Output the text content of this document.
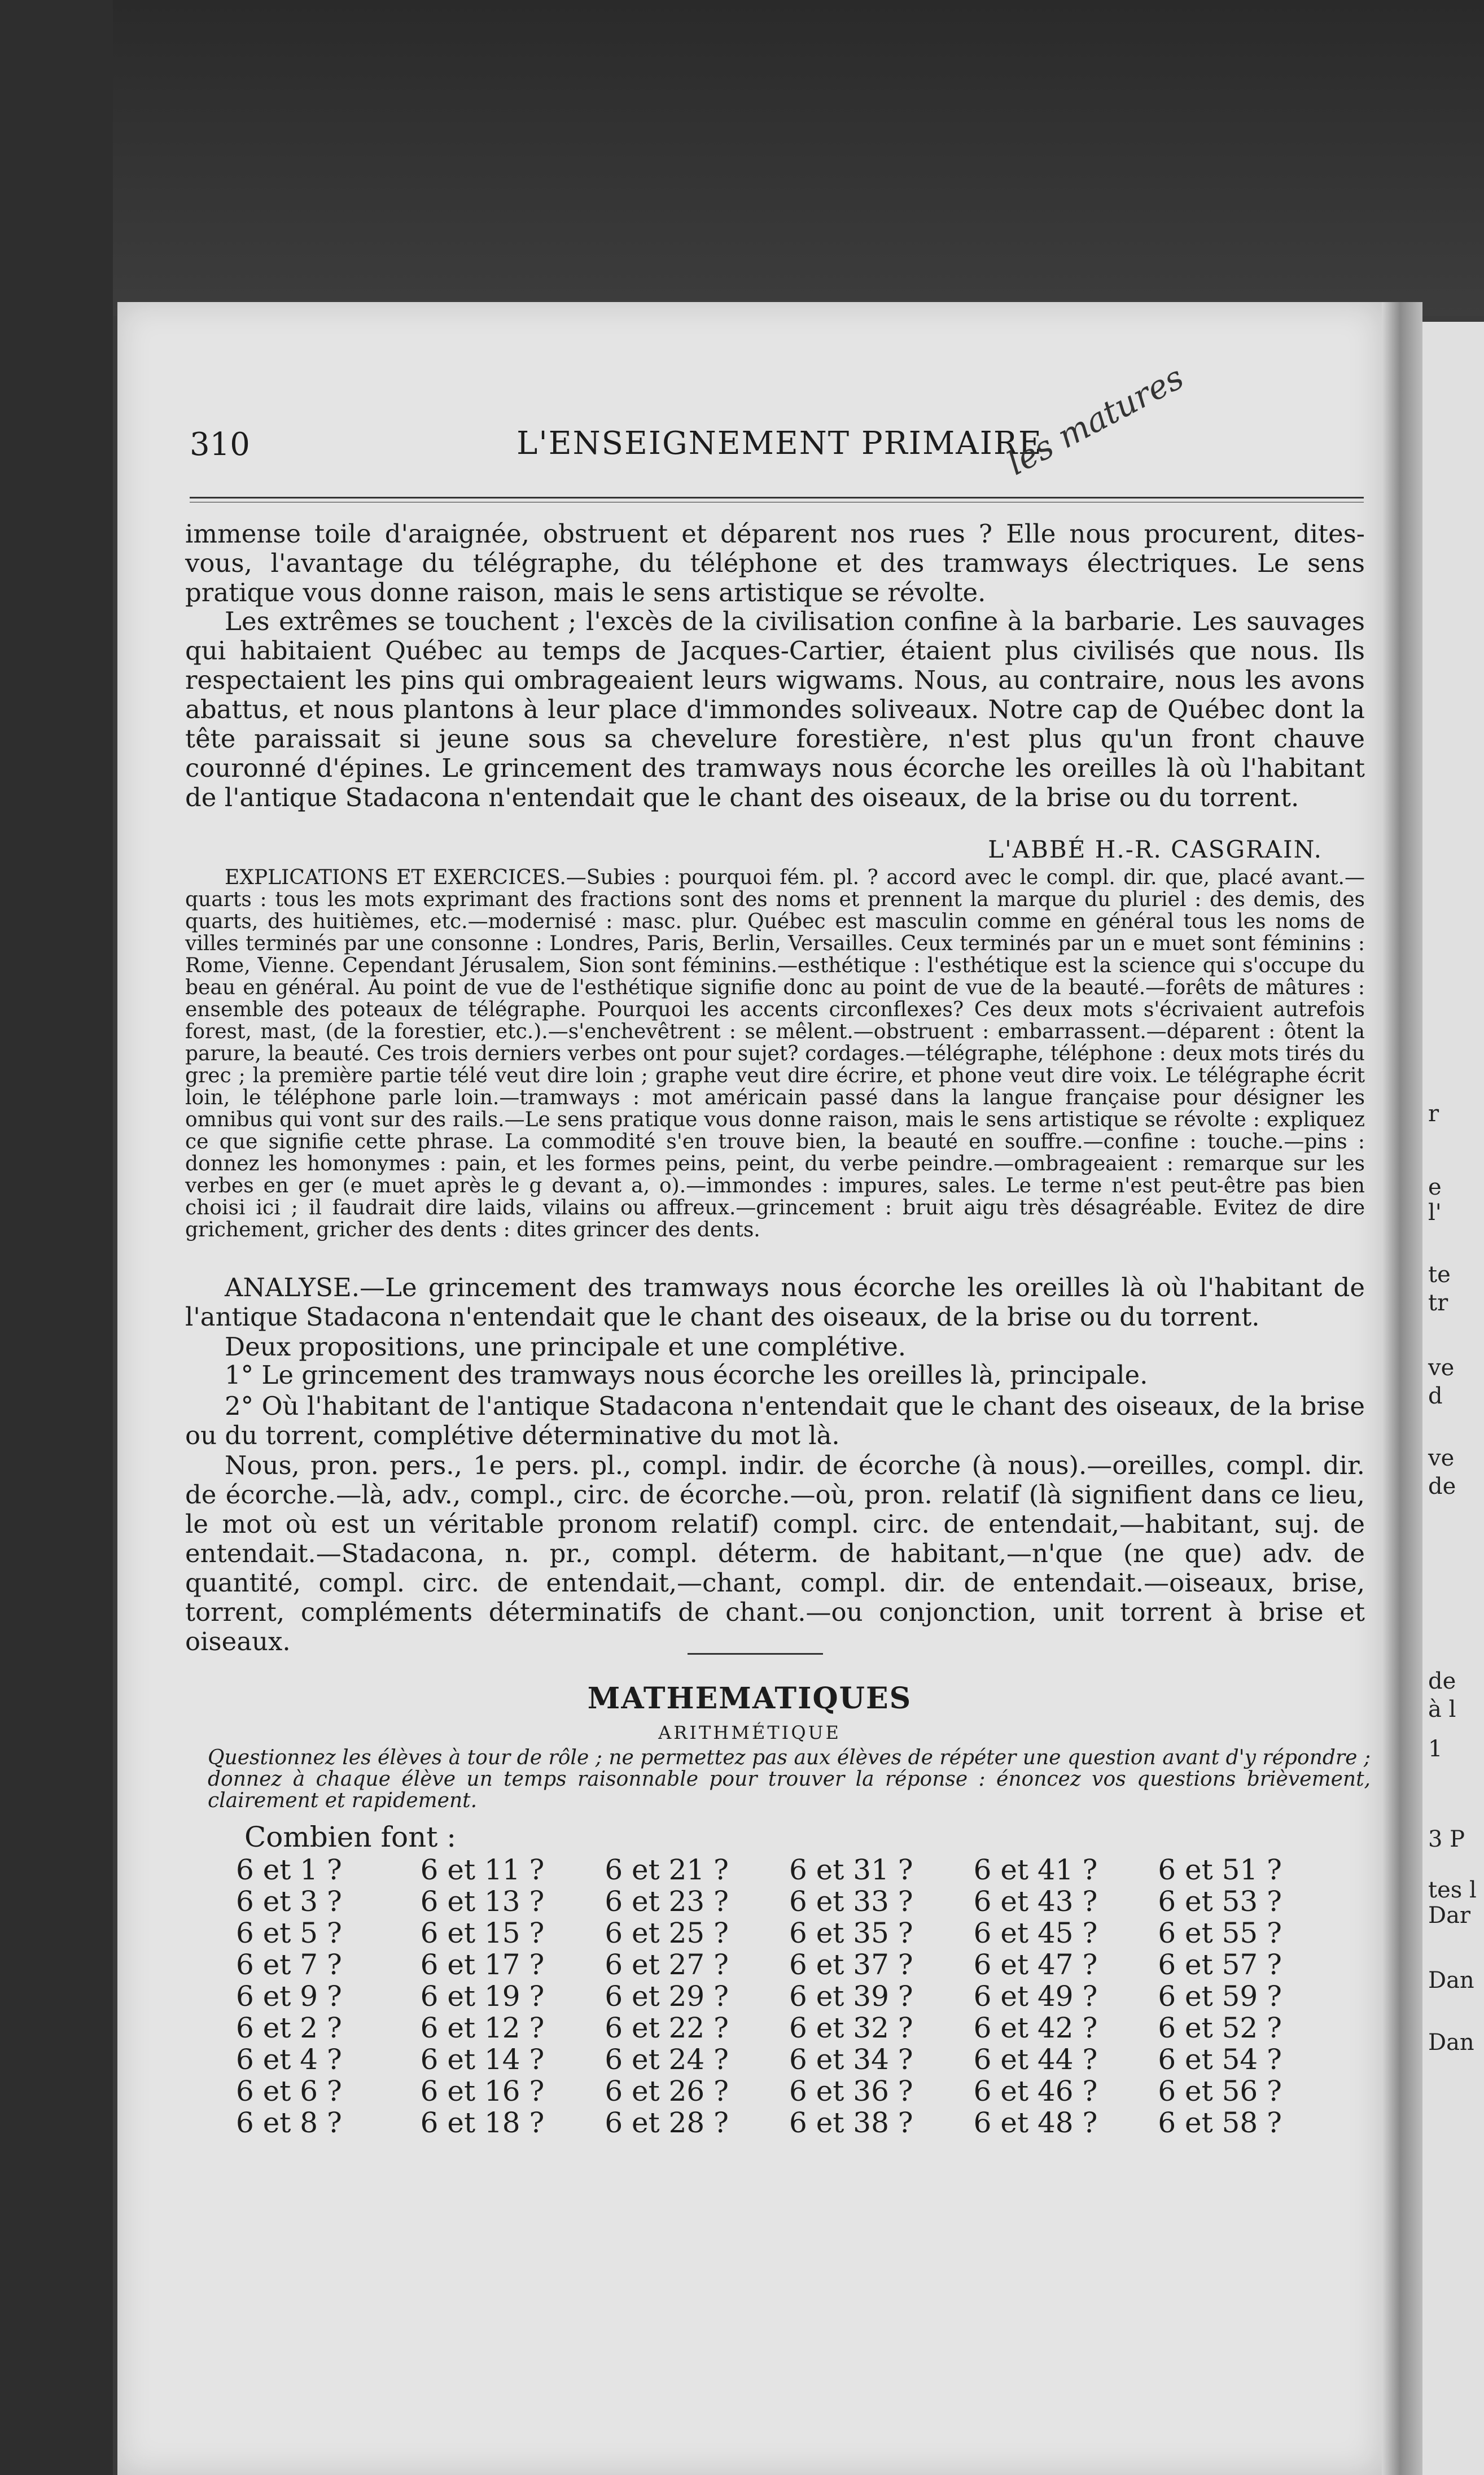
r
e
l'
te
tr
ve
d
ve
de
de
à l
1
3 P
tes l
Dar
Dan
Dan
310	L'ENSEIGNEMENT PRIMAIRE
les matures
immense toile d'araignée, obstruent et déparent nos rues ? Elle nous procurent, dites-vous, l'avantage du télégraphe, du téléphone et des tramways électriques. Le sens pratique vous donne raison, mais le sens artistique se révolte.
Les extrêmes se touchent ; l'excès de la civilisation confine à la barbarie. Les sauvages qui habitaient Québec au temps de Jacques-Cartier, étaient plus civilisés que nous. Ils respectaient les pins qui ombrageaient leurs wigwams. Nous, au contraire, nous les avons abattus, et nous plantons à leur place d'immondes soliveaux. Notre cap de Québec dont la tête paraissait si jeune sous sa chevelure forestière, n'est plus qu'un front chauve couronné d'épines. Le grincement des tramways nous écorche les oreilles là où l'habitant de l'antique Stadacona n'entendait que le chant des oiseaux, de la brise ou du torrent.
L'ABBÉ H.-R. CASGRAIN.
EXPLICATIONS ET EXERCICES.—Subies : pourquoi fém. pl. ? accord avec le compl. dir. que, placé avant.—quarts : tous les mots exprimant des fractions sont des noms et prennent la marque du pluriel : des demis, des quarts, des huitièmes, etc.—modernisé : masc. plur. Québec est masculin comme en général tous les noms de villes terminés par une consonne : Londres, Paris, Berlin, Versailles. Ceux terminés par un e muet sont féminins : Rome, Vienne. Cependant Jérusalem, Sion sont féminins.—esthétique : l'esthétique est la science qui s'occupe du beau en général. Au point de vue de l'esthétique signifie donc au point de vue de la beauté.—forêts de mâtures : ensemble des poteaux de télégraphe. Pourquoi les accents circonflexes? Ces deux mots s'écrivaient autrefois forest, mast, (de la forestier, etc.).—s'enchevêtrent : se mêlent.—obstruent : embarrassent.—déparent : ôtent la parure, la beauté. Ces trois derniers verbes ont pour sujet? cordages.—télégraphe, téléphone : deux mots tirés du grec ; la première partie télé veut dire loin ; graphe veut dire écrire, et phone veut dire voix. Le télégraphe écrit loin, le téléphone parle loin.—tramways : mot américain passé dans la langue française pour désigner les omnibus qui vont sur des rails.—Le sens pratique vous donne raison, mais le sens artistique se révolte : expliquez ce que signifie cette phrase. La commodité s'en trouve bien, la beauté en souffre.—confine : touche.—pins : donnez les homonymes : pain, et les formes peins, peint, du verbe peindre.—ombrageaient : remarque sur les verbes en ger (e muet après le g devant a, o).—immondes : impures, sales. Le terme n'est peut-être pas bien choisi ici ; il faudrait dire laids, vilains ou affreux.—grincement : bruit aigu très désagréable. Evitez de dire grichement, gricher des dents : dites grincer des dents.
ANALYSE.—Le grincement des tramways nous écorche les oreilles là où l'habitant de l'antique Stadacona n'entendait que le chant des oiseaux, de la brise ou du torrent.
Deux propositions, une principale et une complétive.
1° Le grincement des tramways nous écorche les oreilles là, principale.
2° Où l'habitant de l'antique Stadacona n'entendait que le chant des oiseaux, de la brise ou du torrent, complétive déterminative du mot là.
Nous, pron. pers., 1e pers. pl., compl. indir. de écorche (à nous).—oreilles, compl. dir. de écorche.—là, adv., compl., circ. de écorche.—où, pron. relatif (là signifient dans ce lieu, le mot où est un véritable pronom relatif) compl. circ. de entendait,—habitant, suj. de entendait.—Stadacona, n. pr., compl. déterm. de habitant,—n'que (ne que) adv. de quantité, compl. circ. de entendait,—chant, compl. dir. de entendait.—oiseaux, brise, torrent, compléments déterminatifs de chant.—ou conjonction, unit torrent à brise et oiseaux.
MATHEMATIQUES
ARITHMÉTIQUE
Questionnez les élèves à tour de rôle ; ne permettez pas aux élèves de répéter une question avant d'y répondre ; donnez à chaque élève un temps raisonnable pour trouver la réponse : énoncez vos questions brièvement, clairement et rapidement.
Combien font :
6 et 1 ?	6 et 11 ?	6 et 21 ?	6 et 31 ?	6 et 41 ?	6 et 51 ?
6 et 3 ?	6 et 13 ?	6 et 23 ?	6 et 33 ?	6 et 43 ?	6 et 53 ?
6 et 5 ?	6 et 15 ?	6 et 25 ?	6 et 35 ?	6 et 45 ?	6 et 55 ?
6 et 7 ?	6 et 17 ?	6 et 27 ?	6 et 37 ?	6 et 47 ?	6 et 57 ?
6 et 9 ?	6 et 19 ?	6 et 29 ?	6 et 39 ?	6 et 49 ?	6 et 59 ?
6 et 2 ?	6 et 12 ?	6 et 22 ?	6 et 32 ?	6 et 42 ?	6 et 52 ?
6 et 4 ?	6 et 14 ?	6 et 24 ?	6 et 34 ?	6 et 44 ?	6 et 54 ?
6 et 6 ?	6 et 16 ?	6 et 26 ?	6 et 36 ?	6 et 46 ?	6 et 56 ?
6 et 8 ?	6 et 18 ?	6 et 28 ?	6 et 38 ?	6 et 48 ?	6 et 58 ?
